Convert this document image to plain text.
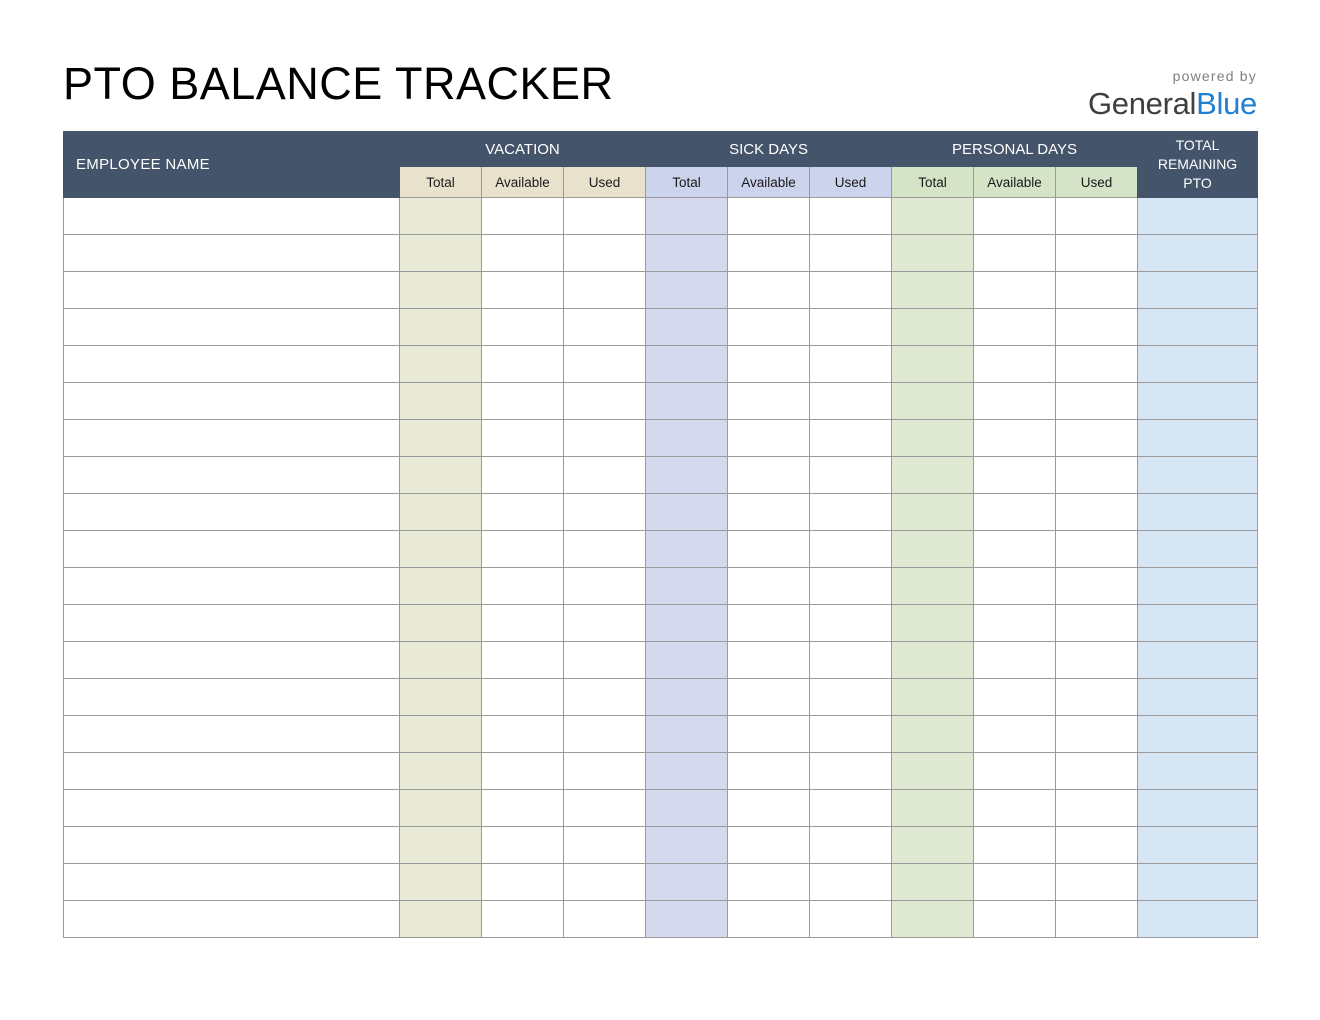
PTO BALANCE TRACKER	powered by
GeneralBlue
EMPLOYEE NAME	VACATION			SICK DAYS			PERSONAL DAYS			TOTAL
REMAINING
PTO

	Total	Available	Used	Total	Available	Used	Total	Available	Used	
